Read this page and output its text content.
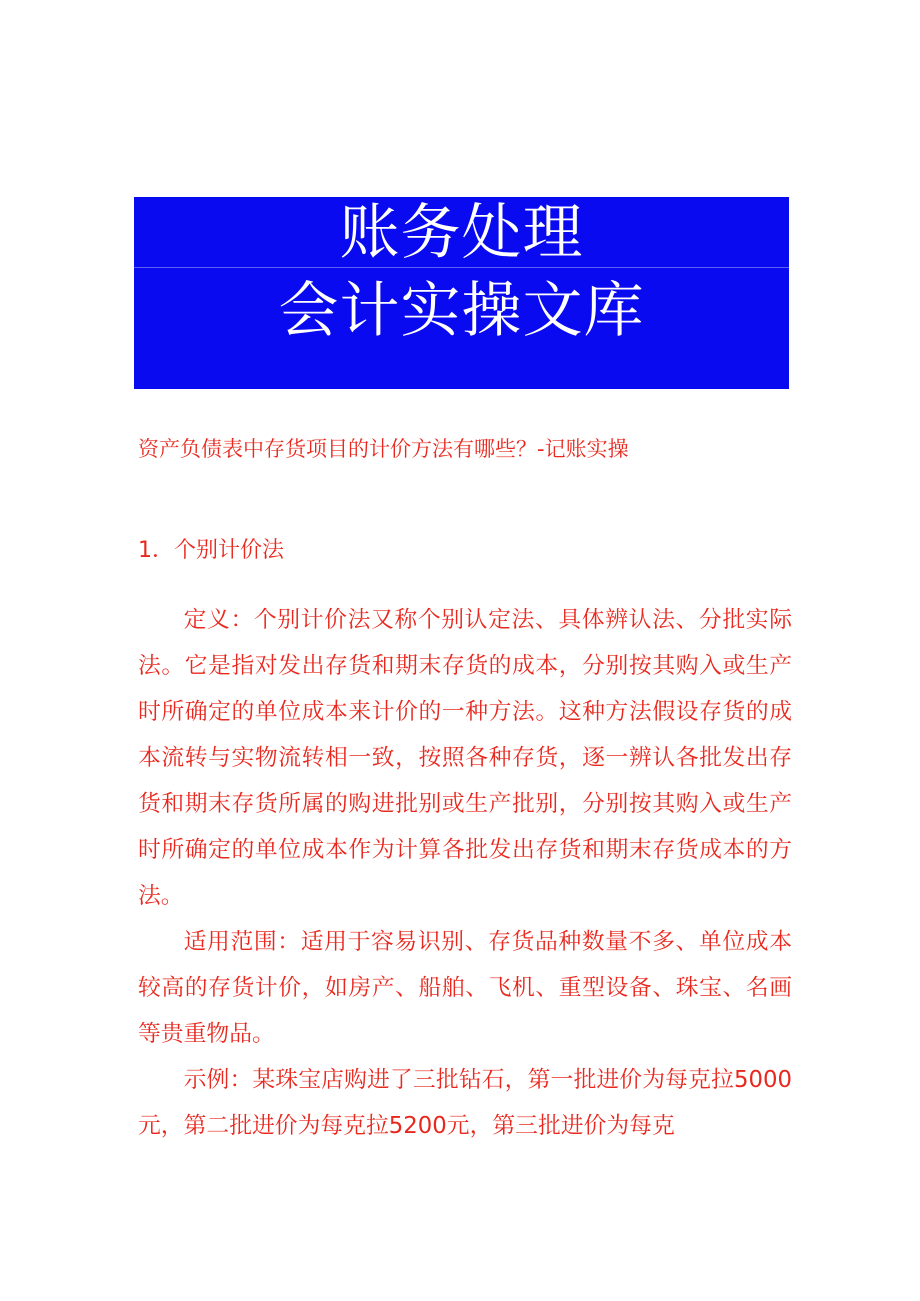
账务处理
会计实操文库
资产负债表中存货项目的计价方法有哪些？-记账实操
1．个别计价法

定义：个别计价法又称个别认定法、具体辨认法、分批实际法。它是指对发出存货和期末存货的成本，分别按其购入或生产时所确定的单位成本来计价的一种方法。这种方法假设存货的成本流转与实物流转相一致，按照各种存货，逐一辨认各批发出存货和期末存货所属的购进批别或生产批别，分别按其购入或生产时所确定的单位成本作为计算各批发出存货和期末存货成本的方法。

适用范围：适用于容易识别、存货品种数量不多、单位成本较高的存货计价，如房产、船舶、飞机、重型设备、珠宝、名画等贵重物品。

示例：某珠宝店购进了三批钻石，第一批进价为每克拉5000元，第二批进价为每克拉5200元，第三批进价为每克
